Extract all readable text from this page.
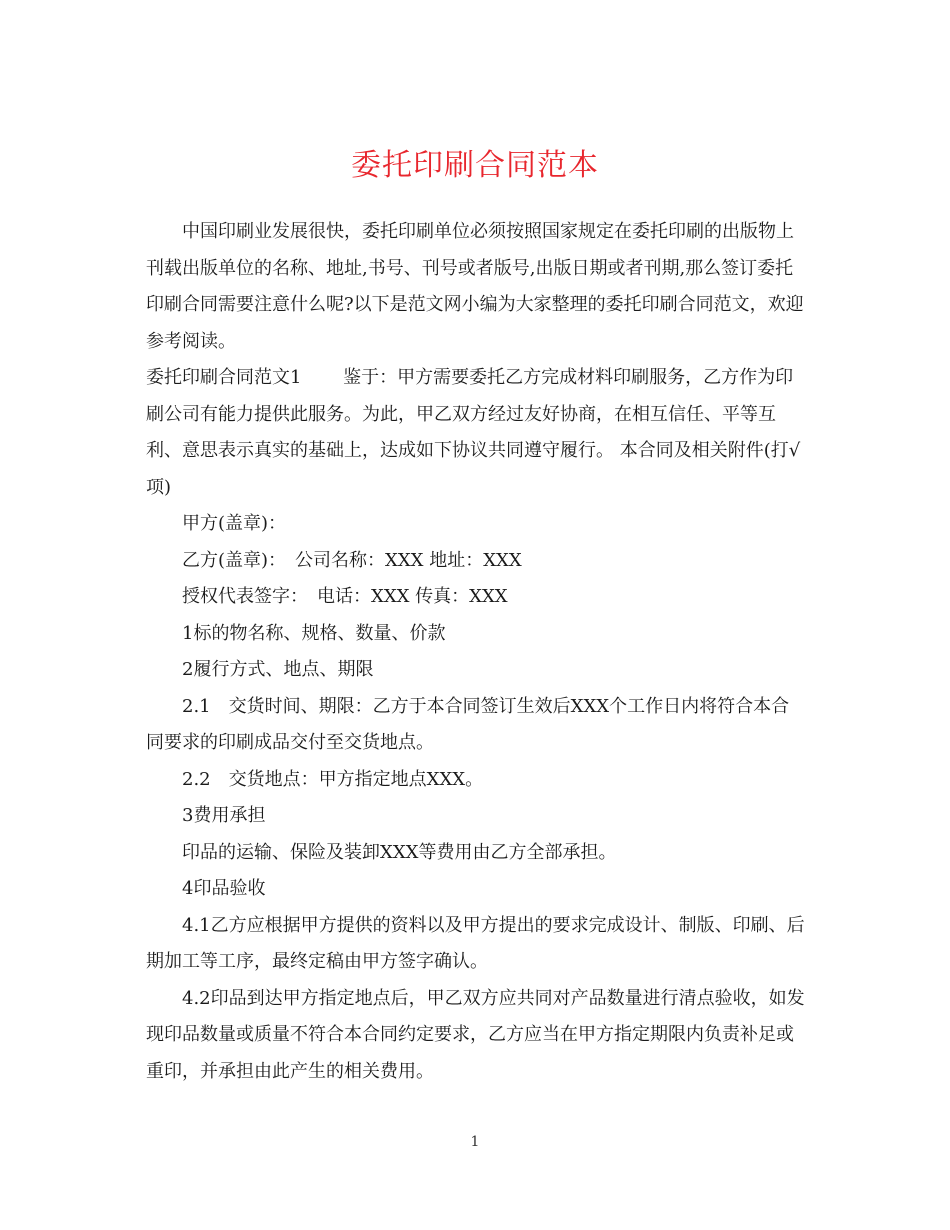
委托印刷合同范本

中国印刷业发展很快，委托印刷单位必须按照国家规定在委托印刷的出版物上刊载出版单位的名称、地址,书号、刊号或者版号,出版日期或者刊期,那么签订委托印刷合同需要注意什么呢?以下是范文网小编为大家整理的委托印刷合同范文，欢迎参考阅读。

委托印刷合同范文1　　 鉴于：甲方需要委托乙方完成材料印刷服务，乙方作为印刷公司有能力提供此服务。为此，甲乙双方经过友好协商，在相互信任、平等互利、意思表示真实的基础上，达成如下协议共同遵守履行。 本合同及相关附件(打√项)

甲方(盖章)：

乙方(盖章)：　公司名称：XXX 地址：XXX

授权代表签字：　电话：XXX 传真：XXX

1标的物名称、规格、数量、价款

2履行方式、地点、期限

2.1　交货时间、期限：乙方于本合同签订生效后XXX个工作日内将符合本合同要求的印刷成品交付至交货地点。

2.2　交货地点：甲方指定地点XXX。

3费用承担

印品的运输、保险及装卸XXX等费用由乙方全部承担。

4印品验收

4.1乙方应根据甲方提供的资料以及甲方提出的要求完成设计、制版、印刷、后期加工等工序，最终定稿由甲方签字确认。

4.2印品到达甲方指定地点后，甲乙双方应共同对产品数量进行清点验收，如发现印品数量或质量不符合本合同约定要求，乙方应当在甲方指定期限内负责补足或重印，并承担由此产生的相关费用。

1
